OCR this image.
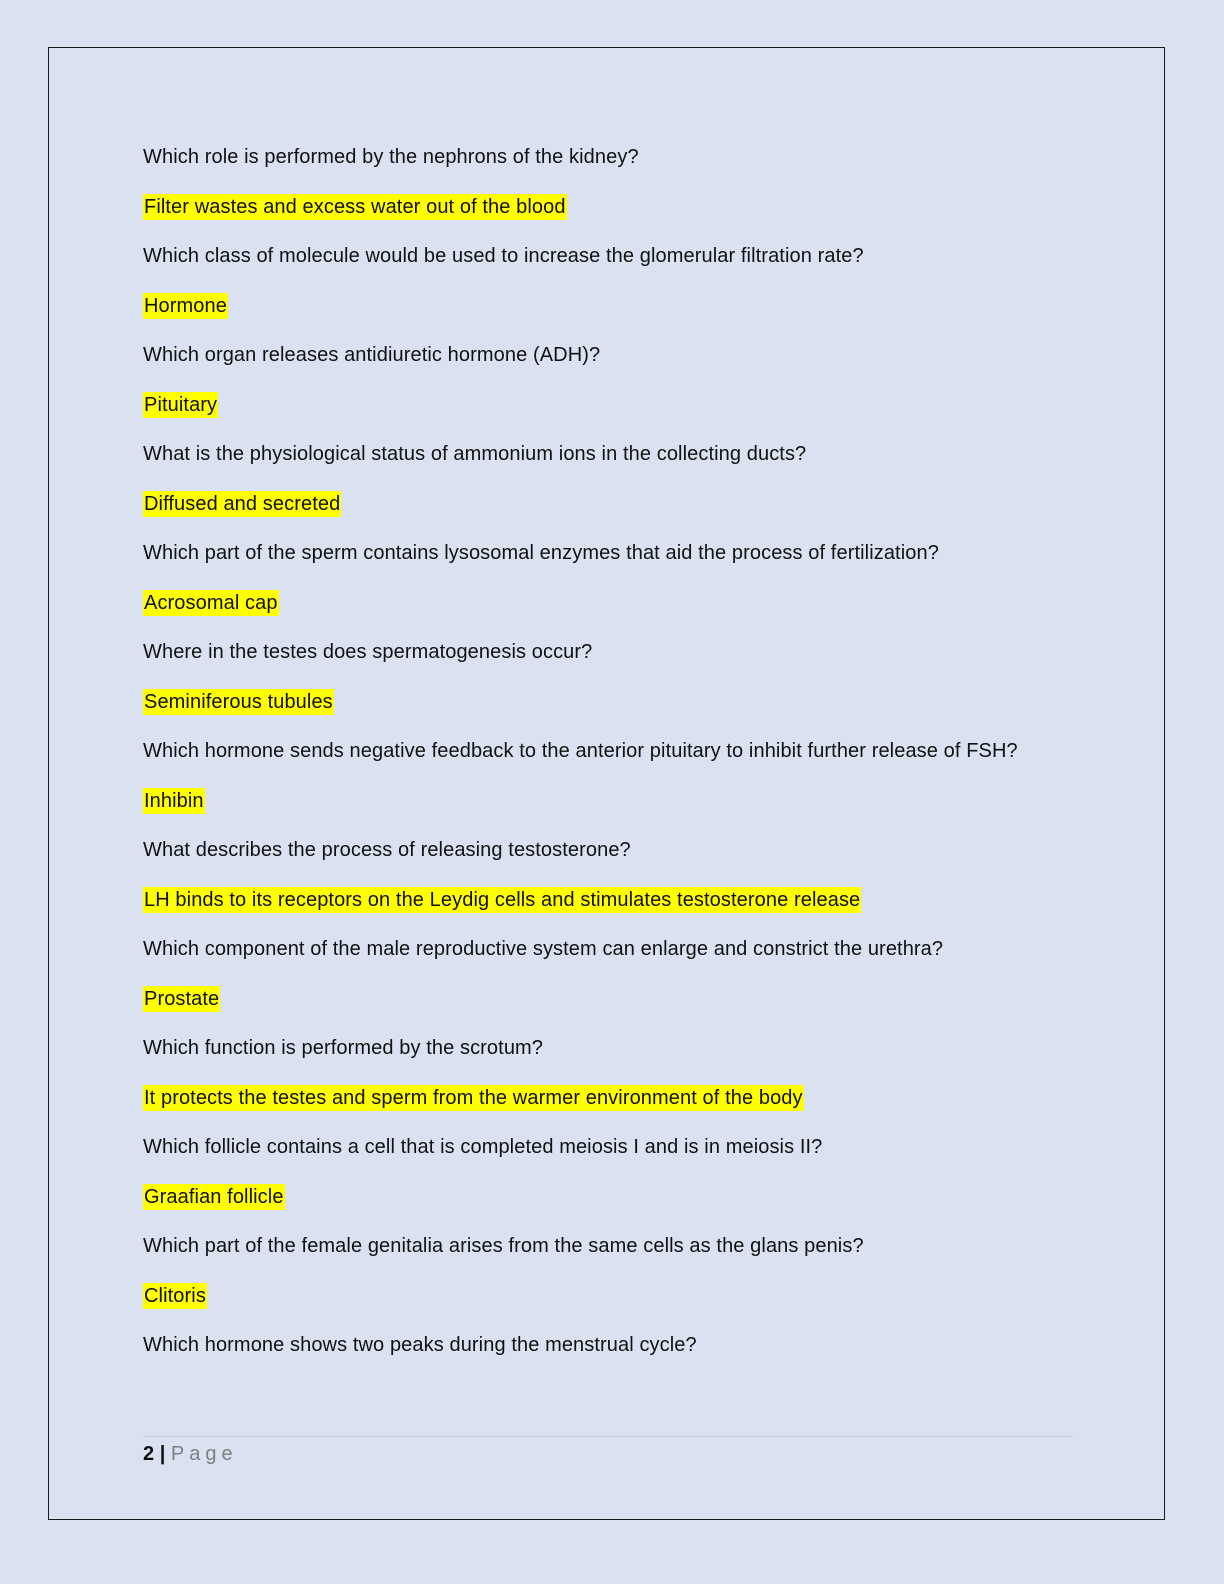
Which role is performed by the nephrons of the kidney?
Filter wastes and excess water out of the blood
Which class of molecule would be used to increase the glomerular filtration rate?
Hormone
Which organ releases antidiuretic hormone (ADH)?
Pituitary
What is the physiological status of ammonium ions in the collecting ducts?
Diffused and secreted
Which part of the sperm contains lysosomal enzymes that aid the process of fertilization?
Acrosomal cap
Where in the testes does spermatogenesis occur?
Seminiferous tubules
Which hormone sends negative feedback to the anterior pituitary to inhibit further release of FSH?
Inhibin
What describes the process of releasing testosterone?
LH binds to its receptors on the Leydig cells and stimulates testosterone release
Which component of the male reproductive system can enlarge and constrict the urethra?
Prostate
Which function is performed by the scrotum?
It protects the testes and sperm from the warmer environment of the body
Which follicle contains a cell that is completed meiosis I and is in meiosis II?
Graafian follicle
Which part of the female genitalia arises from the same cells as the glans penis?
Clitoris
Which hormone shows two peaks during the menstrual cycle?
2 | Page
